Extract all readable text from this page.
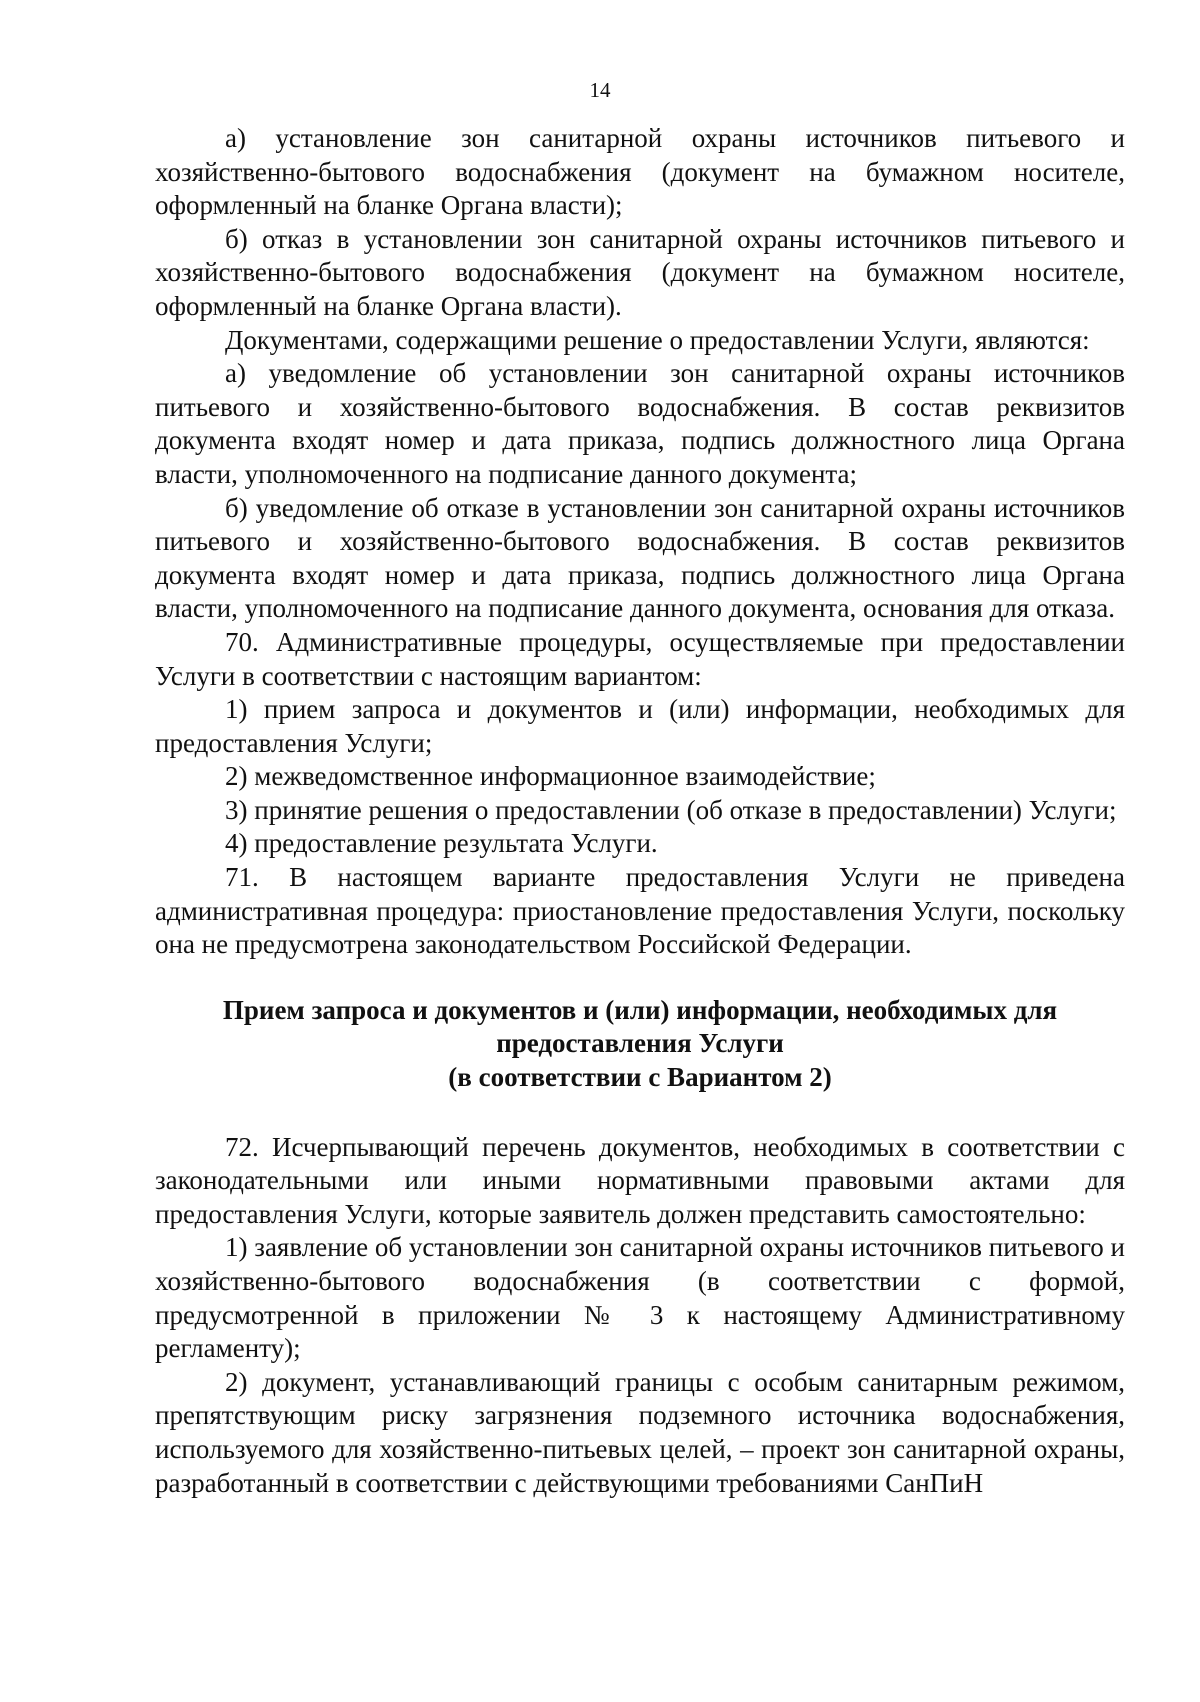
14

а) установление зон санитарной охраны источников питьевого и хозяйственно-бытового водоснабжения (документ на бумажном носителе, оформленный на бланке Органа власти);

б) отказ в установлении зон санитарной охраны источников питьевого и хозяйственно-бытового водоснабжения (документ на бумажном носителе, оформленный на бланке Органа власти).

Документами, содержащими решение о предоставлении Услуги, являются:

а) уведомление об установлении зон санитарной охраны источников питьевого и хозяйственно-бытового водоснабжения. В состав реквизитов документа входят номер и дата приказа, подпись должностного лица Органа власти, уполномоченного на подписание данного документа;

б) уведомление об отказе в установлении зон санитарной охраны источников питьевого и хозяйственно-бытового водоснабжения. В состав реквизитов документа входят номер и дата приказа, подпись должностного лица Органа власти, уполномоченного на подписание данного документа, основания для отказа.

70. Административные процедуры, осуществляемые при предоставлении Услуги в соответствии с настоящим вариантом:

1) прием запроса и документов и (или) информации, необходимых для предоставления Услуги;

2) межведомственное информационное взаимодействие;

3) принятие решения о предоставлении (об отказе в предоставлении) Услуги;

4) предоставление результата Услуги.

71. В настоящем варианте предоставления Услуги не приведена административная процедура: приостановление предоставления Услуги, поскольку она не предусмотрена законодательством Российской Федерации.

Прием запроса и документов и (или) информации, необходимых для
предоставления Услуги
(в соответствии с Вариантом 2)

72. Исчерпывающий перечень документов, необходимых в соответствии с законодательными или иными нормативными правовыми актами для предоставления Услуги, которые заявитель должен представить самостоятельно:

1) заявление об установлении зон санитарной охраны источников питьевого и хозяйственно-бытового водоснабжения (в соответствии с формой, предусмотренной в приложении № 3 к настоящему Административному регламенту);

2) документ, устанавливающий границы с особым санитарным режимом, препятствующим риску загрязнения подземного источника водоснабжения, используемого для хозяйственно-питьевых целей, – проект зон санитарной охраны, разработанный в соответствии с действующими требованиями СанПиН
